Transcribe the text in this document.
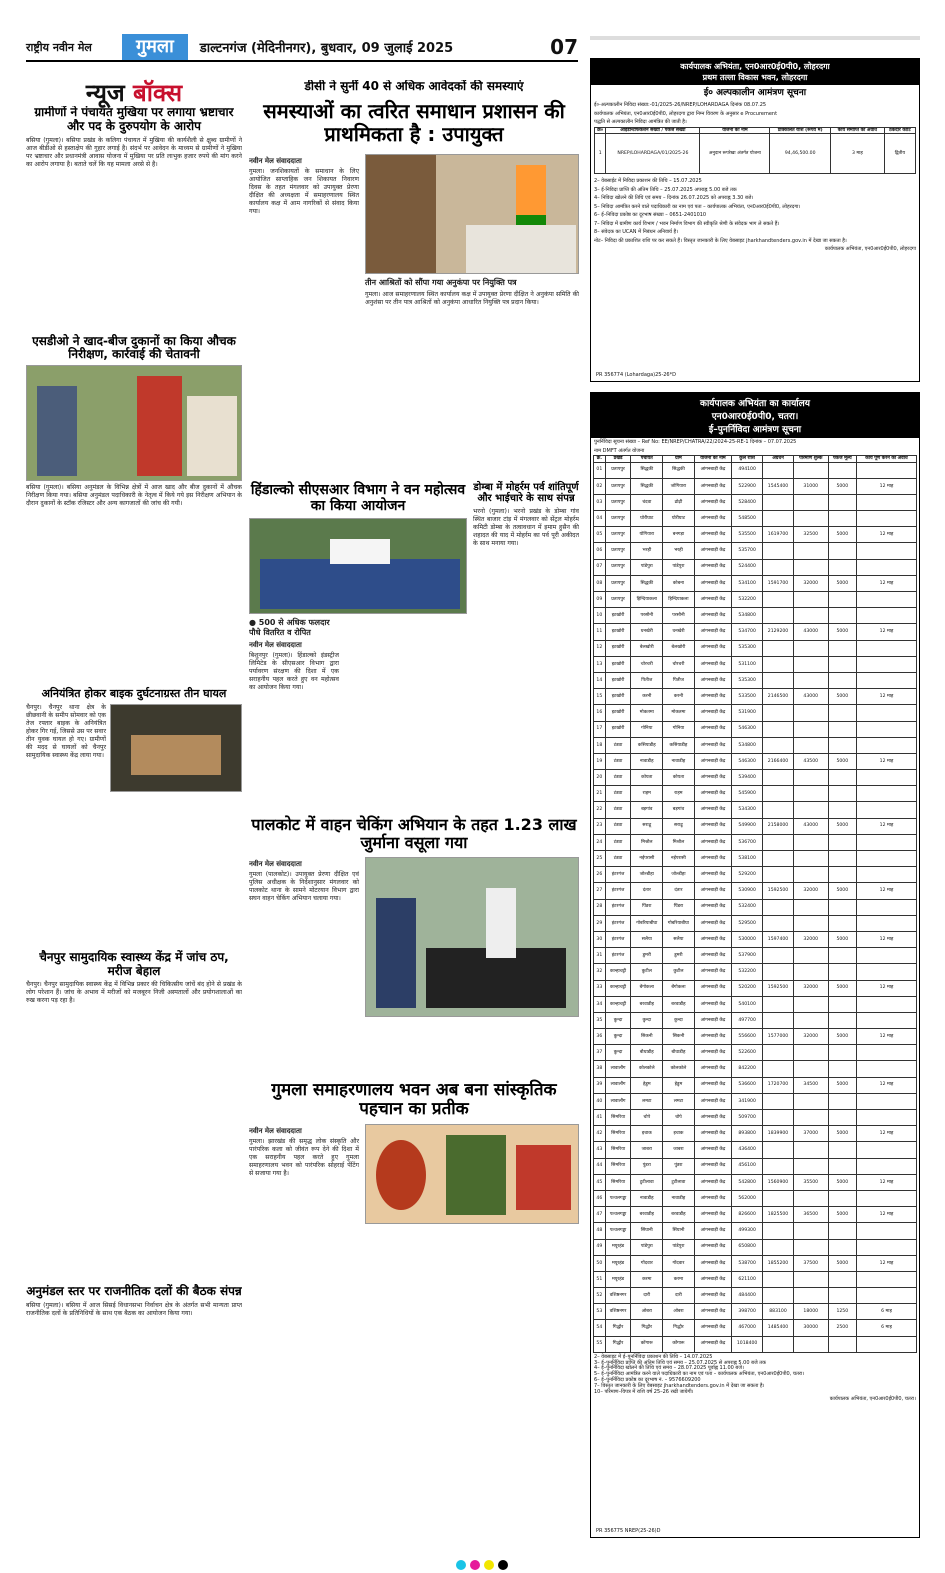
राष्ट्रीय नवीन मेल	गुमला	डाल्टनगंज (मेदिनीनगर), बुधवार, 09 जुलाई 2025	07
न्यूज बॉक्स
ग्रामीणों ने पंचायत मुखिया पर लगाया भ्रष्टाचार और पद के दुरुपयोग के आरोप

बसिया (गुमला)। बसिया प्रखंड के कलिगा पंचायत में मुखिया की कार्यशैली से क्षुब्ध ग्रामीणों ने आज बीडीओ से हस्ताक्षेप की गुहार लगाई है। संदर्भ पर आवेदन के माध्यम से ग्रामीणों ने मुखिया पर भ्रष्टाचार और प्रधानमंत्री आवास योजना में मुखिया पर प्रति लाभुक हजार रुपये की मांग करने का आरोप लगाया है। बताते चलें कि यह मामला अरसे से है।

एसडीओ ने खाद-बीज दुकानों का किया औचक निरीक्षण, कार्रवाई की चेतावनी

बसिया (गुमला)। बसिया अनुमंडल के विभिन्न क्षेत्रों में आज खाद और बीज दुकानों में औचक निरीक्षण किया गया। बसिया अनुमंडल पदाधिकारी के नेतृत्व में किये गये इस निरीक्षण अभियान के दौरान दुकानों के स्टॉक रजिस्टर और अन्य कागजातों की जांच की गयी।

अनियंत्रित होकर बाइक दुर्घटनाग्रस्त तीन घायल

चैनपुर। चैनपुर थाना क्षेत्र के छीछवानी के समीप सोमवार को एक तेज रफ्तार बाइक के अनियंत्रित होकर गिर गई, जिससे उस पर सवार तीन युवक घायल हो गए। ग्रामीणों की मदद से घायलों को चैनपुर सामुदायिक स्वास्थ्य केंद्र लाया गया।

चैनपुर सामुदायिक स्वास्थ्य केंद्र में जांच ठप, मरीज बेहाल

चैनपुर। चैनपुर सामुदायिक स्वास्थ्य केंद्र में विभिन्न प्रकार की चिकित्सीय जांचें बंद होने से प्रखंड के लोग परेशान हैं। जांच के अभाव में मरीजों को मजबूरन निजी अस्पतालों और प्रयोगशालाओं का रुख करना पड़ रहा है।

अनुमंडल स्तर पर राजनीतिक दलों की बैठक संपन्न

बसिया (गुमला)। बसिया में आज सिसई विधानसभा निर्वाचन क्षेत्र के अंतर्गत सभी मान्यता प्राप्त राजनीतिक दलों के प्रतिनिधियों के साथ एक बैठक का आयोजन किया गया।

डीसी ने सुनीं 40 से अधिक आवेदकों की समस्याएं
समस्याओं का त्वरित समाधान प्रशासन की प्राथमिकता है : उपायुक्त
नवीन मेल संवाददाता

गुमला। जनशिकायतों के समाधान के लिए आयोजित साप्ताहिक जन शिकायत निवारण दिवस के तहत मंगलवार को उपायुक्त प्रेरणा दीक्षित की अध्यक्षता में समाहरणालय स्थित कार्यालय कक्ष में आम नागरिकों से संवाद किया गया।

तीन आश्रितों को सौंपा गया अनुकंपा पर नियुक्ति पत्र

गुमला। आज समाहरणालय स्थित कार्यालय कक्ष में उपायुक्त प्रेरणा दीक्षित ने अनुकंपा समिति की अनुशंसा पर तीन पात्र आश्रितों को अनुकंपा आधारित नियुक्ति पत्र प्रदान किया।

हिंडाल्को सीएसआर विभाग ने वन महोत्सव का किया आयोजन
● 500 से अधिक फलदार पौधे वितरित व रोपित
नवीन मेल संवाददाता

बिशुनपुर (गुमला)। हिंडाल्को इंडस्ट्रीज लिमिटेड के सीएसआर विभाग द्वारा पर्यावरण संरक्षण की दिशा में एक सराहनीय पहल करते हुए वन महोत्सव का आयोजन किया गया।

डोम्बा में मोहर्रम पर्व शांतिपूर्ण और भाईचारे के साथ संपन्न

भरनो (गुमला)। भरनो प्रखंड के डोम्बा गांव स्थित बाजार टांड़ में मंगलवार को सेंट्रल मोहर्रम कमिटी डोम्बा के तत्वावधान में इमाम हुसैन की शहादत की याद में मोहर्रम का पर्व पूरी अकीदत के साथ मनाया गया।

पालकोट में वाहन चेकिंग अभियान के तहत 1.23 लाख जुर्माना वसूला गया
नवीन मेल संवाददाता

गुमला (पालकोट)। उपायुक्त प्रेरणा दीक्षित एवं पुलिस अधीक्षक के निर्देशानुसार मंगलवार को पालकोट थाना के सामने मोटरयान विभाग द्वारा सघन वाहन चेकिंग अभियान चलाया गया।

गुमला समाहरणालय भवन अब बना सांस्कृतिक पहचान का प्रतीक
नवीन मेल संवाददाता

गुमला। झारखंड की समृद्ध लोक संस्कृति और पारंपरिक कला को जीवंत रूप देने की दिशा में एक सराहनीय पहल करते हुए गुमला समाहरणालय भवन को पारंपरिक सोहराई पेंटिंग से सजाया गया है।

कार्यपालक अभियंता, एन0आर0ई0पी0, लोहरदगा
प्रथम तल्ला विकास भवन, लोहरदगा
ई० अल्पकालीन आमंत्रण सूचना
ई०-अल्पकालीन निविदा संख्या:-01/2025-26/NREP/LOHARDAGA दिनांक 08.07.25
कार्यपालक अभियंता, एन0आर0ई0पी0, लोहरदगा द्वारा निम्न विवरण के अनुसार e Procurement
पद्धति से अल्पकालीन निविदा आमंत्रित की जाती है।
क्र०	आईडेन्टिफिकेशन संख्या / पैकेज संख्या	योजना का नाम	प्राक्कलित राशि (रूपये में)	कार्य समाप्ति की अवधि	ठेकेदार कोटि
1	NREP/LOHARDAGA/01/2025-26	अनुदान रूपरेखा अंतर्गत योजना	94,46,500.00	3 माह	द्वितीय
2– वेबसाईट में निविदा प्रकाशन की तिथि – 15.07.2025
3– ई-निविदा प्राप्ति की अंतिम तिथि – 25.07.2025 अपराह्न 5.00 बजे तक
4– निविदा खोलने की तिथि एवं समय – दिनांक 26.07.2025 को अपराह्न 3.30 बजे।
5– निविदा आमंत्रित करने वाले पदाधिकारी का नाम एवं पता – कार्यपालक अभियंता, एन0आर0ई0पी0, लोहरदगा।
6– ई–निविदा प्रकोष्ठ का दूरभाष संख्या – 0651-2401010
7– निविदा में ग्रामीण कार्य विभाग / भवन निर्माण विभाग की स्वीकृति श्रेणी के संवेदक भाग ले सकते हैं।
8– संवेदक का UCAN में निबंधन अनिवार्य है।
नोट– निविदा की प्रकाशित राशि पर कर सकते हैं। विस्तृत जानकारी के लिए वेबसाइट jharkhandtenders.gov.in में देखा जा सकता है।
कार्यपालक अभियंता, एन0आर0ई0पी0, लोहरदगा
PR 356774 (Lohardaga)25-26*D
कार्यपालक अभियंता का कार्यालय
एन0आर0ई0पी0, चतरा।
ई–पुनर्निविदा आमंत्रण सूचना
पुनर्निविदा सूचना संख्या – Ref No: EE/NREP/CHATRA/22/2024-25-RE-1 दिनांक – 07.07.2025
नाम DMFT अंतर्गत योजना
क्र.	प्रखंड	पंचायत	ग्राम	योजना का नाम	कुल राशि	अग्रधन	परिमाण शुल्क	पैकेज मूल्य	कार्य पूर्ण करने की अवधि
01	प्रतापपुर	सिद्धकी	सिद्धकी	आंगनबाड़ी केंद्र	494100				
02	प्रतापपुर	सिद्धकी	जोगियारा	आंगनबाड़ी केंद्र	522900	1545400	31000	5000	12 माह
03	प्रतापपुर	चंदवा	ढोढ़ी	आंगनबाड़ी केंद्र	528400				
04	प्रतापपुर	घोरीघाट	घोरीघाट	आंगनबाड़ी केंद्र	548500				
05	प्रतापपुर	योगियारा	बनगड़ा	आंगनबाड़ी केंद्र	535500	1619700	32500	5000	12 माह
06	प्रतापपुर	भरही	भरही	आंगनबाड़ी केंद्र	535700				
07	प्रतापपुर	पांडेपुरा	पांडेपुरा	आंगनबाड़ी केंद्र	524400				
08	प्रतापपुर	सिद्धकी	कोबना	आंगनबाड़ी केंद्र	534100	1591700	32000	5000	12 माह
09	प्रतापपुर	हिन्दियाकला	हिन्दियाकला	आंगनबाड़ी केंद्र	532200				
10	इटखोरी	परसौनी	परसौनी	आंगनबाड़ी केंद्र	534800				
11	इटखोरी	धनखेरी	धनखेरी	आंगनबाड़ी केंद्र	534700	2129200	43000	5000	12 माह
12	इटखोरी	बेलखोरी	बेलखोरी	आंगनबाड़ी केंद्र	535300				
13	इटखोरी	चोरचरी	चोरचरी	आंगनबाड़ी केंद्र	531100				
14	इटखोरी	पितीज	पितीज	आंगनबाड़ी केंद्र	535300				
15	इटखोरी	करनी	करनी	आंगनबाड़ी केंद्र	533500	2146500	43000	5000	12 माह
16	इटखोरी	मोकतमा	मोकतमा	आंगनबाड़ी केंद्र	531900				
17	इटखोरी	गोनिया	गोनिया	आंगनबाड़ी केंद्र	546300				
18	टंडवा	कसियाडीह	कसियाडीह	आंगनबाड़ी केंद्र	534800				
19	टंडवा	नावाडीह	नावाडीह	आंगनबाड़ी केंद्र	546300	2166400	43500	5000	12 माह
20	टंडवा	कोयता	कोयता	आंगनबाड़ी केंद्र	539400				
21	टंडवा	राहम	राहम	आंगनबाड़ी केंद्र	545900				
22	टंडवा	बड़गांव	बड़गांव	आंगनबाड़ी केंद्र	534300				
23	टंडवा	सराढू	सराढू	आंगनबाड़ी केंद्र	549900	2158000	43000	5000	12 माह
24	टंडवा	मिश्रौल	मिश्रौल	आंगनबाड़ी केंद्र	536700				
25	टंडवा	नईपरासी	नईपरासी	आंगनबाड़ी केंद्र	538100				
26	हंटरगंज	जोल्डीहा	जोल्डीहा	आंगनबाड़ी केंद्र	529200				
27	हंटरगंज	दंतार	दंतार	आंगनबाड़ी केंद्र	530900	1592500	32000	5000	12 माह
28	हंटरगंज	पिंडरा	पिंडरा	आंगनबाड़ी केंद्र	532400				
29	हंटरगंज	गोबरियाबीघा	गोबरियाबीघा	आंगनबाड़ी केंद्र	529500				
30	हंटरगंज	सलैया	सलैया	आंगनबाड़ी केंद्र	530000	1597400	32000	5000	12 माह
31	हंटरगंज	डुमरी	डुमरी	आंगनबाड़ी केंद्र	537900				
32	कान्हाचट्टी	कुटील	कुटील	आंगनबाड़ी केंद्र	532200				
33	कान्हाचट्टी	बेंगोकला	बेंगोकला	आंगनबाड़ी केंद्र	520200	1592500	32000	5000	12 माह
34	कान्हाचट्टी	बरवाडीह	बरवाडीह	आंगनबाड़ी केंद्र	540100				
35	कुन्दा	कुन्दा	कुन्दा	आंगनबाड़ी केंद्र	497700				
36	कुन्दा	सिकनी	सिकनी	आंगनबाड़ी केंद्र	556600	1577000	32000	5000	12 माह
37	कुन्दा	बौधाडीह	बौधाडीह	आंगनबाड़ी केंद्र	522600				
38	लावालौंग	कोलकोले	कोलकोले	आंगनबाड़ी केंद्र	842200				
39	लावालौंग	हेडुम	हेडुम	आंगनबाड़ी केंद्र	536600	1720700	34500	5000	12 माह
40	लावालौंग	लमटा	लमटा	आंगनबाड़ी केंद्र	341900				
41	सिमरिया	चोपे	चोपे	आंगनबाड़ी केंद्र	509700				
42	सिमरिया	इचाक	इचाक	आंगनबाड़ी केंद्र	893800	1839900	37000	5000	12 माह
43	सिमरिया	जाबरा	जाबरा	आंगनबाड़ी केंद्र	436400				
44	सिमरिया	पुंडरा	पुंडरा	आंगनबाड़ी केंद्र	456100				
45	सिमरिया	टुटीलावा	टुटीलावा	आंगनबाड़ी केंद्र	542800	1560900	35500	5000	12 माह
46	पत्थलगड्डा	नावाडीह	नावाडीह	आंगनबाड़ी केंद्र	562000				
47	पत्थलगड्डा	बरवाडीह	बरवाडीह	आंगनबाड़ी केंद्र	826600	1825500	36500	5000	12 माह
48	पत्थलगड्डा	सिंघानी	सिंघानी	आंगनबाड़ी केंद्र	499300				
49	मयूरहंड	पांडेपुरा	पांडेपुरा	आंगनबाड़ी केंद्र	650800				
50	मयूरहंड	गोंदवार	गोंदवार	आंगनबाड़ी केंद्र	538700	1855200	37500	5000	12 माह
51	मयूरहंड	करमा	करमा	आंगनबाड़ी केंद्र	621100				
52	वशिष्ठनगर	दारी	दारी	आंगनबाड़ी केंद्र	484400				
53	वशिष्ठनगर	ओबरा	ओबरा	आंगनबाड़ी केंद्र	398700	883100	18000	1250	6 माह
54	गिद्धौर	गिद्धौर	गिद्धौर	आंगनबाड़ी केंद्र	467000	1485400	30000	2500	6 माह
55	गिद्धौर	कोंगारू	कोंगारू	आंगनबाड़ी केंद्र	1018400				
2– वेबसाइट में ई–पुनर्निविदा प्रकाशन की तिथि – 14.07.2025
3– ई–पुनर्निविदा प्राप्ति की अंतिम तिथि एवं समय – 25.07.2025 से अपराह्न 5.00 बजे तक
4– ई–पुनर्निविदा खोलने की तिथि एवं समय – 28.07.2025 पूर्वाह्न 11.00 बजे।
5– ई–पुनर्निविदा आमंत्रित करने वाले पदाधिकारी का नाम एवं पता – कार्यपालक अभियंता, एन0आर0ई0पी0, चतरा।
6– ई–पुनर्निविदा प्रकोष्ठ का दूरभाष नं. – 9576609200
7– विस्तृत जानकारी के लिए वेबसाइट jharkhandtenders.gov.in में देखा जा सकता है।
10– परिमाण–विपत्र में राशि वर्ष 25–26 रखी जायेगी।
कार्यपालक अभियंता, एन0आर0ई0पी0, चतरा।
PR 356775 NREP(25-26)D
